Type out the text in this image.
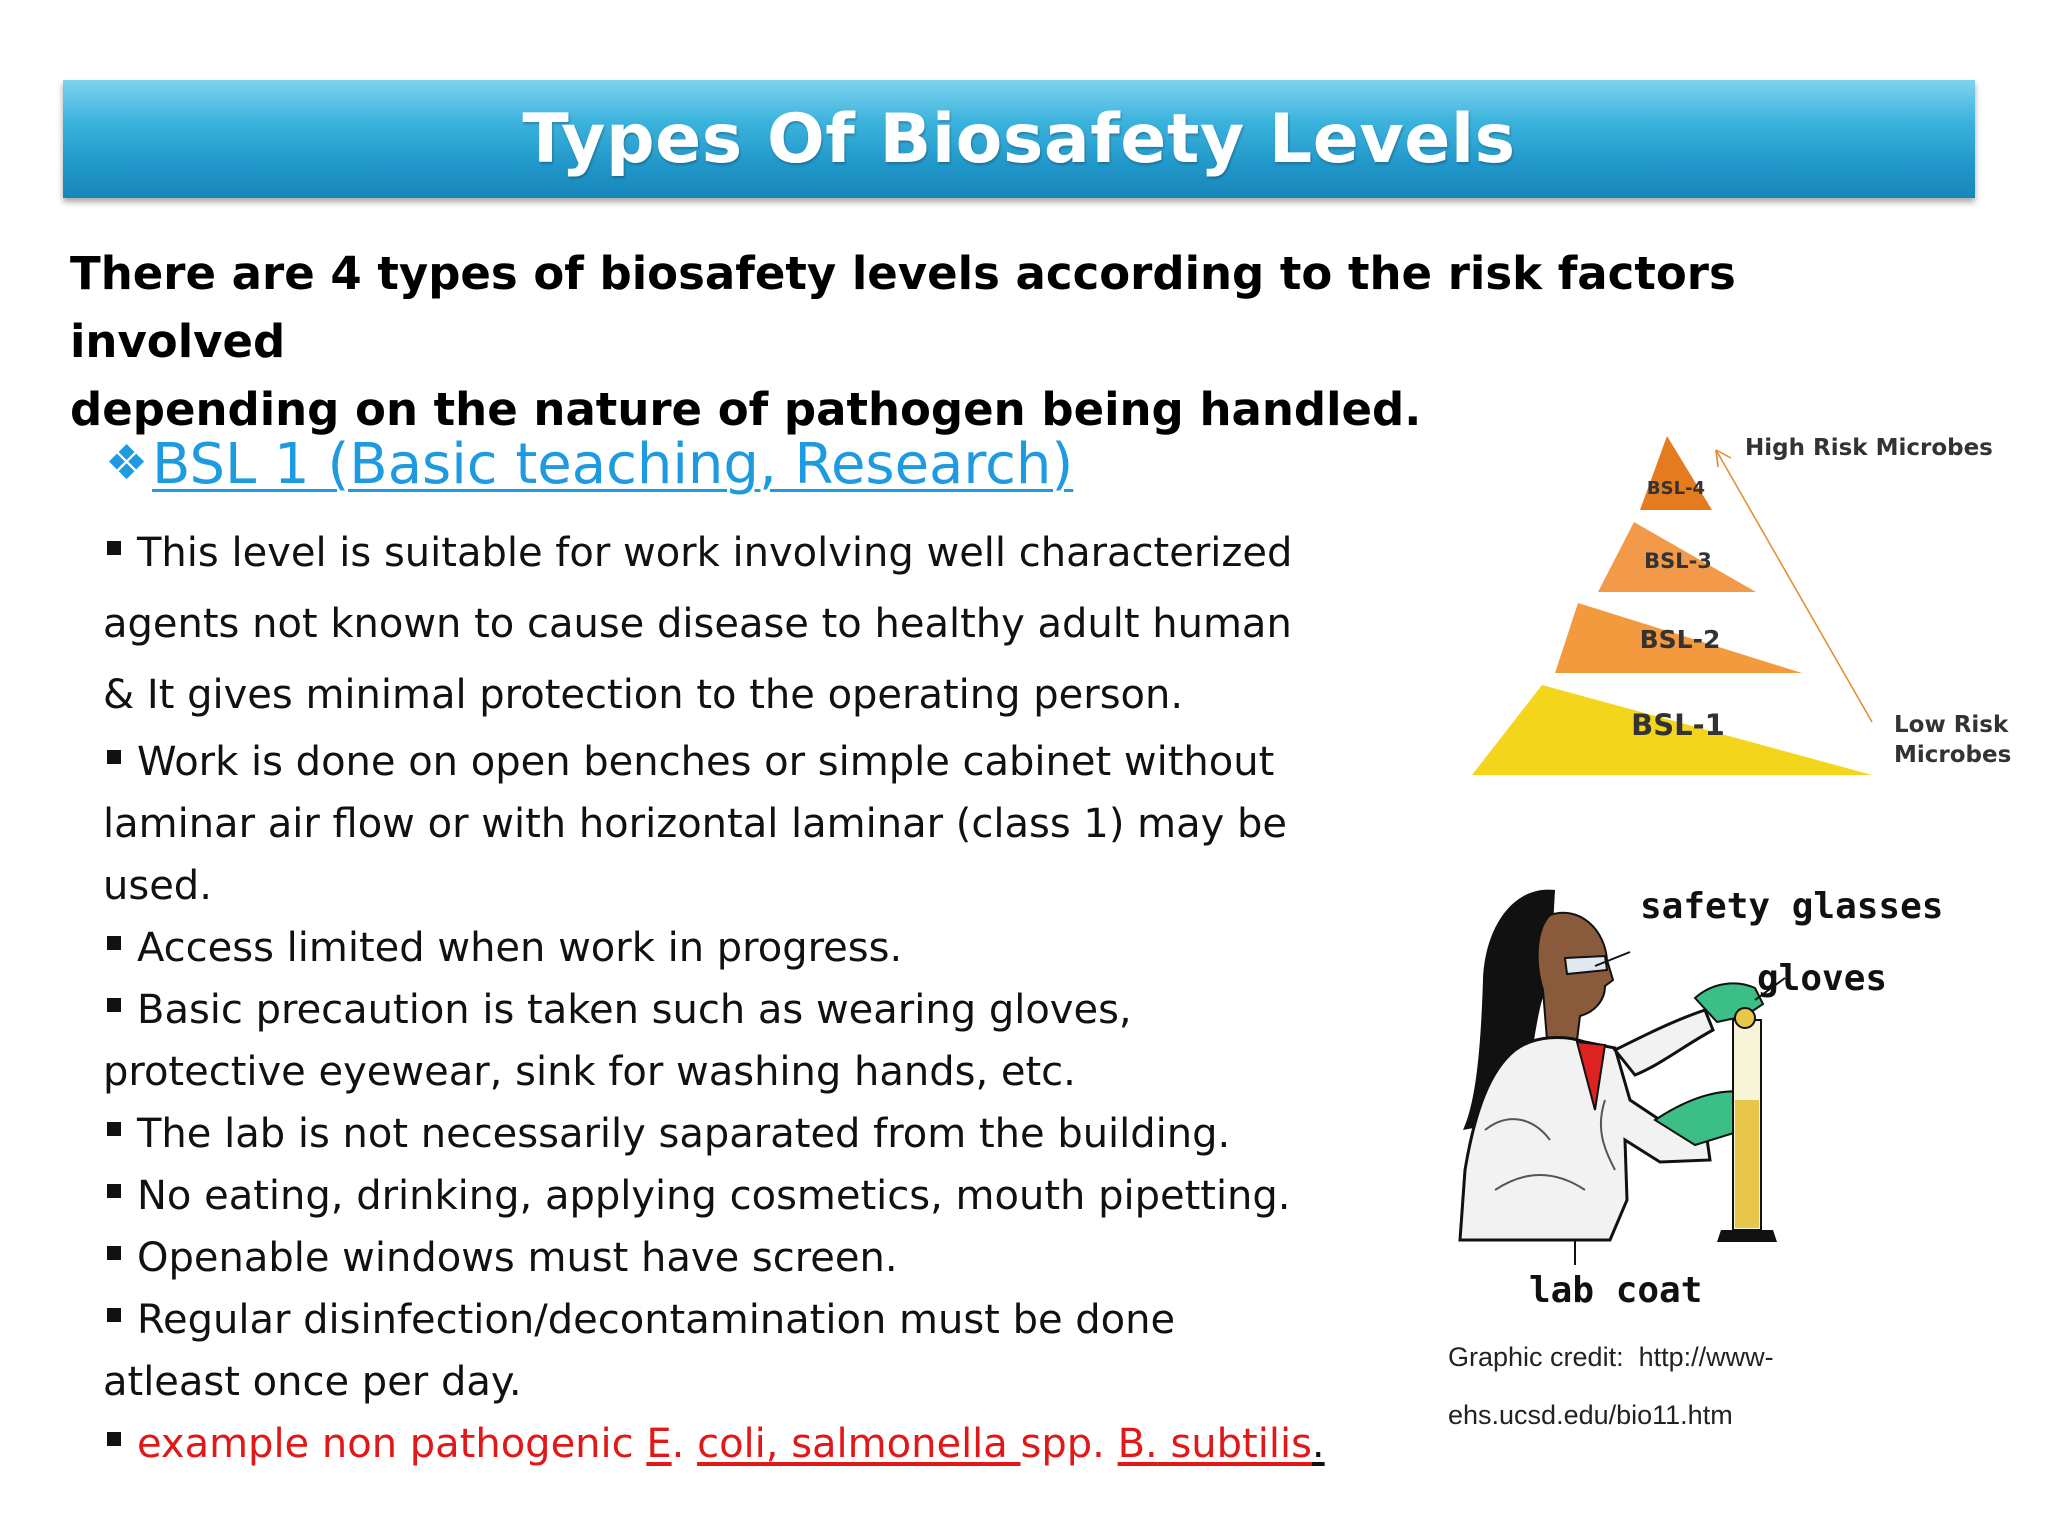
Types Of Biosafety Levels

There are 4 types of biosafety levels according to the risk factors involved

depending on the nature of pathogen being handled.

❖BSL 1 (Basic teaching, Research)
This level is suitable for work involving well characterized
agents not known to cause disease to healthy adult human
& It gives minimal protection to the operating person.
Work is done on open benches or simple cabinet without
laminar air flow or with horizontal laminar (class 1) may be
used.
Access limited when work in progress.
Basic precaution is taken such as wearing gloves,
protective eyewear, sink for washing hands, etc.
The lab is not necessarily saparated from the building.
No eating, drinking, applying cosmetics, mouth pipetting.
Openable windows must have screen.
Regular disinfection/decontamination must be done
atleast once per day.
example non pathogenic E. coli, salmonella spp. B. subtilis.
BSL-4
BSL-3
BSL-2
BSL-1
High Risk Microbes
Low Risk
Microbes
safety glasses
gloves
lab coat
Graphic credit: http://www-
ehs.ucsd.edu/bio11.htm
